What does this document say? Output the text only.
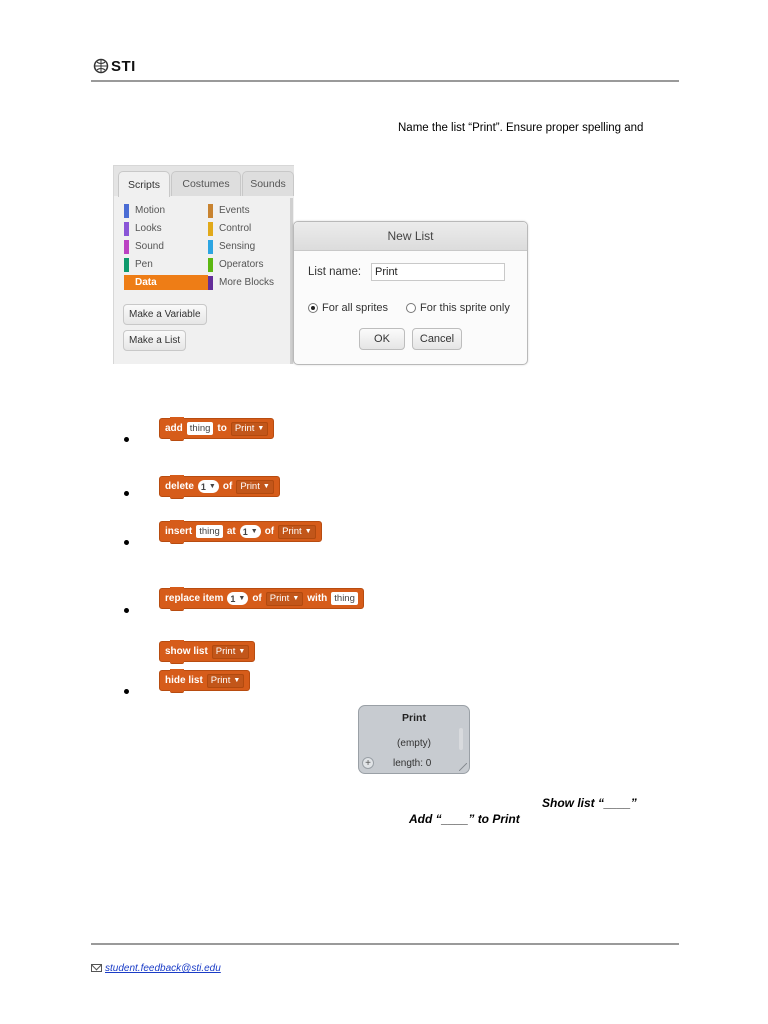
STI
Name the list “Print”. Ensure proper spelling and
Scripts	Costumes	Sounds
Motion
Looks
Sound
Pen
Data
Events
Control
Sensing
Operators
More Blocks
Make a Variable
Make a List
New List
List name:
Print
For all sprites	For this sprite only
OK	Cancel
add thing to Print ▼
delete 1 ▼ of Print ▼
insert thing at 1 ▼ of Print ▼
replace item 1 ▼ of Print ▼ with thing
show list Print ▼
hide list Print ▼
Print
(empty)
+	length: 0
Show list “____”
Add “____” to Print
student.feedback@sti.edu
